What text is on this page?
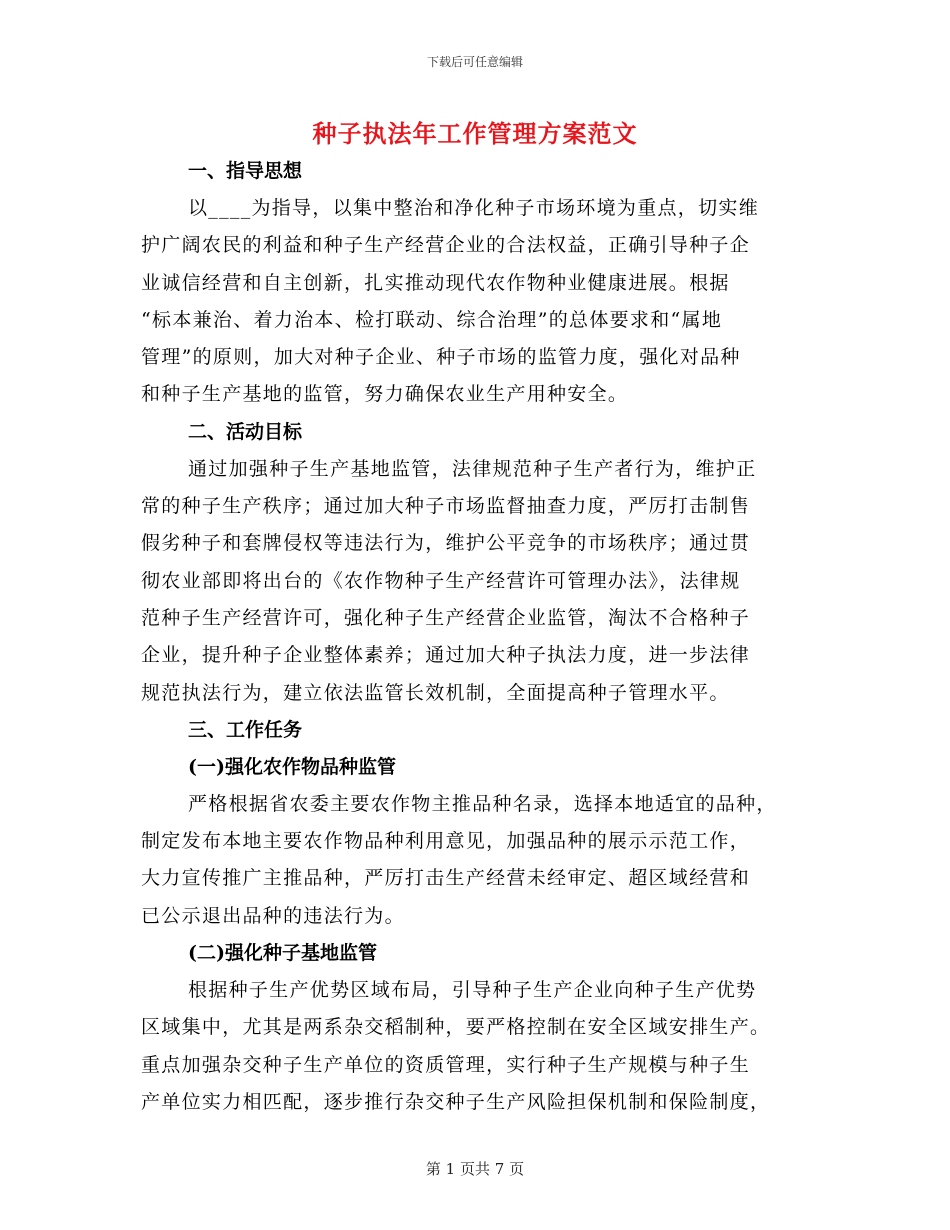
下载后可任意编辑
种子执法年工作管理方案范文
一、指导思想
以____为指导，以集中整治和净化种子市场环境为重点，切实维
护广阔农民的利益和种子生产经营企业的合法权益，正确引导种子企
业诚信经营和自主创新，扎实推动现代农作物种业健康进展。根据
“标本兼治、着力治本、检打联动、综合治理”的总体要求和“属地
管理”的原则，加大对种子企业、种子市场的监管力度，强化对品种
和种子生产基地的监管，努力确保农业生产用种安全。
二、活动目标
通过加强种子生产基地监管，法律规范种子生产者行为，维护正
常的种子生产秩序；通过加大种子市场监督抽查力度，严厉打击制售
假劣种子和套牌侵权等违法行为，维护公平竞争的市场秩序；通过贯
彻农业部即将出台的《农作物种子生产经营许可管理办法》，法律规
范种子生产经营许可，强化种子生产经营企业监管，淘汰不合格种子
企业，提升种子企业整体素养；通过加大种子执法力度，进一步法律
规范执法行为，建立依法监管长效机制，全面提高种子管理水平。
三、工作任务
(一)强化农作物品种监管
严格根据省农委主要农作物主推品种名录，选择本地适宜的品种，
制定发布本地主要农作物品种利用意见，加强品种的展示示范工作，
大力宣传推广主推品种，严厉打击生产经营未经审定、超区域经营和
已公示退出品种的违法行为。
(二)强化种子基地监管
根据种子生产优势区域布局，引导种子生产企业向种子生产优势
区域集中，尤其是两系杂交稻制种，要严格控制在安全区域安排生产。
重点加强杂交种子生产单位的资质管理，实行种子生产规模与种子生
产单位实力相匹配，逐步推行杂交种子生产风险担保机制和保险制度，
第 1 页共 7 页
